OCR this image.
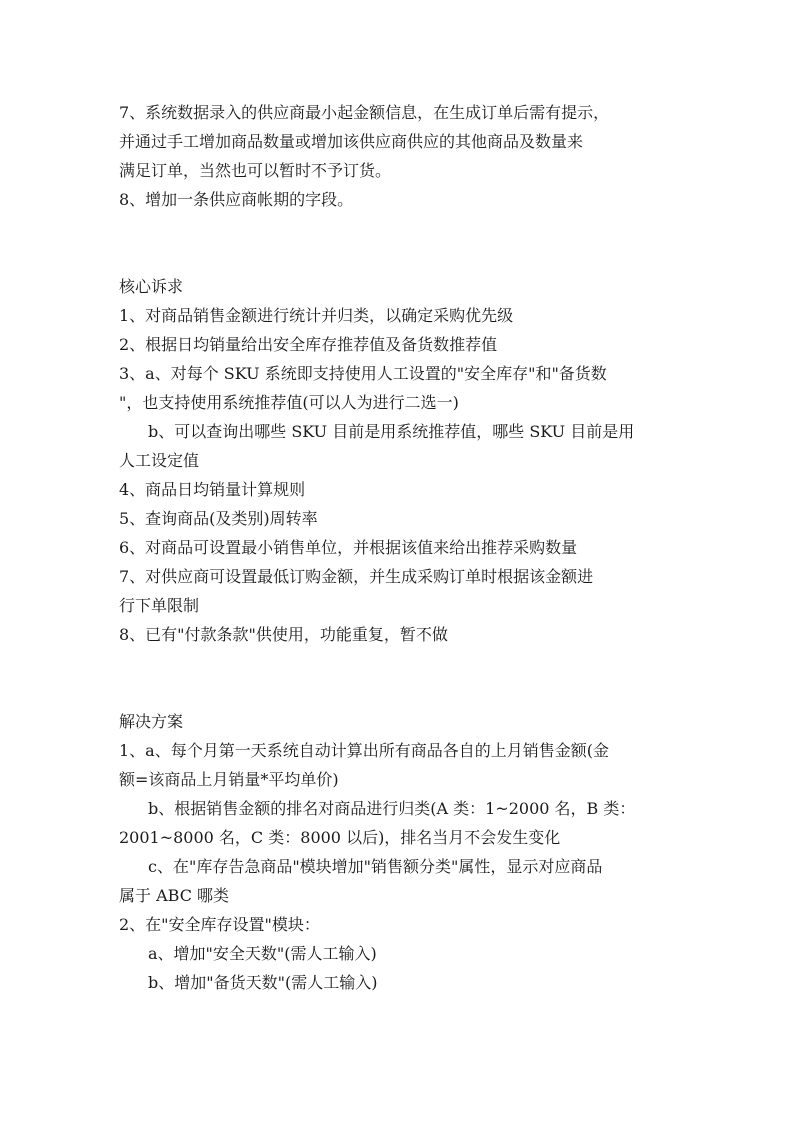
7、系统数据录入的供应商最小起金额信息，在生成订单后需有提示，
并通过手工增加商品数量或增加该供应商供应的其他商品及数量来
满足订单，当然也可以暂时不予订货。
8、增加一条供应商帐期的字段。
核心诉求
1、对商品销售金额进行统计并归类，以确定采购优先级
2、根据日均销量给出安全库存推荐值及备货数推荐值
3、a、对每个 SKU 系统即支持使用人工设置的"安全库存"和"备货数
"，也支持使用系统推荐值(可以人为进行二选一)
b、可以查询出哪些 SKU 目前是用系统推荐值，哪些 SKU 目前是用
人工设定值
4、商品日均销量计算规则
5、查询商品(及类别)周转率
6、对商品可设置最小销售单位，并根据该值来给出推荐采购数量
7、对供应商可设置最低订购金额，并生成采购订单时根据该金额进
行下单限制
8、已有"付款条款"供使用，功能重复，暂不做
解决方案
1、a、每个月第一天系统自动计算出所有商品各自的上月销售金额(金
额=该商品上月销量*平均单价)
b、根据销售金额的排名对商品进行归类(A 类：1~2000 名，B 类：
2001~8000 名，C 类：8000 以后)，排名当月不会发生变化
c、在"库存告急商品"模块增加"销售额分类"属性，显示对应商品
属于 ABC 哪类
2、在"安全库存设置"模块：
a、增加"安全天数"(需人工输入)
b、增加"备货天数"(需人工输入)
